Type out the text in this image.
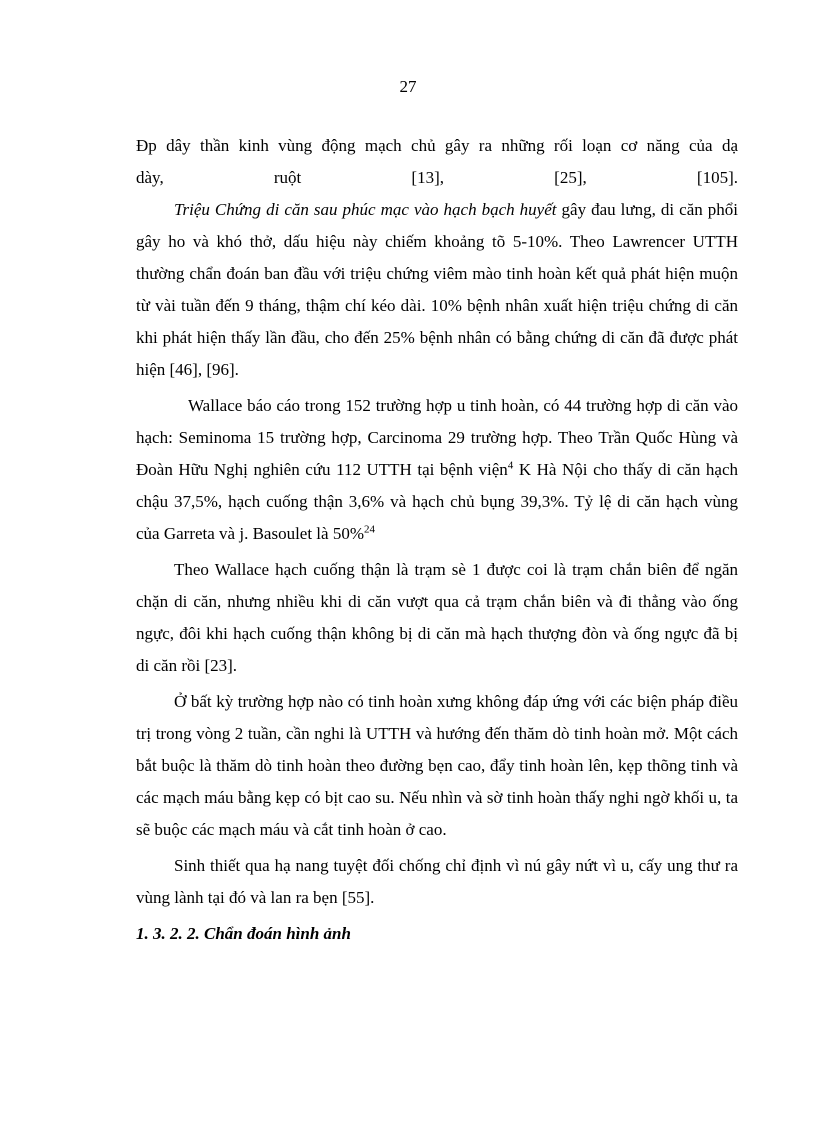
27

Đp dây thần kinh vùng động mạch chủ gây ra những rối loạn cơ năng của dạ

dày, ruột [13], [25], [105].

Triệu Chứng di căn sau phúc mạc vào hạch bạch huyết gây đau lưng, di căn phổi gây ho và khó thở, dấu hiệu này chiếm khoảng tõ 5-10%. Theo Lawrencer UTTH thường chẩn đoán ban đầu với triệu chứng viêm mào tinh hoàn kết quả phát hiện muộn từ vài tuần đến 9 tháng, thậm chí kéo dài. 10% bệnh nhân xuất hiện triệu chứng di căn khi phát hiện thấy lần đầu, cho đến 25% bệnh nhân có bằng chứng di căn đã được phát hiện [46], [96].

Wallace báo cáo trong 152 trường hợp u tinh hoàn, có 44 trường hợp di căn vào hạch: Seminoma 15 trường hợp, Carcinoma 29 trường hợp. Theo Trần Quốc Hùng và Đoàn Hữu Nghị nghiên cứu 112 UTTH tại bệnh viện$^4$ K Hà Nội cho thấy di căn hạch chậu 37,5%, hạch cuống thận 3,6% và hạch chủ bụng 39,3%. Tỷ lệ di căn hạch vùng của Garreta và j. Basoulet là 50%$^{24}$

Theo Wallace hạch cuống thận là trạm sè 1 được coi là trạm chắn biên để ngăn chặn di căn, nhưng nhiều khi di căn vượt qua cả trạm chắn biên và đi thẳng vào ống ngực, đôi khi hạch cuống thận không bị di căn mà hạch thượng đòn và ống ngực đã bị di căn rồi [23].

Ở bất kỳ trường hợp nào có tinh hoàn xưng không đáp ứng với các biện pháp điều trị trong vòng 2 tuần, cần nghi là UTTH và hướng đến thăm dò tinh hoàn mở. Một cách bắt buộc là thăm dò tinh hoàn theo đường bẹn cao, đẩy tinh hoàn lên, kẹp thõng tinh và các mạch máu bằng kẹp có bịt cao su. Nếu nhìn và sờ tinh hoàn thấy nghi ngờ khối u, ta sẽ buộc các mạch máu và cắt tinh hoàn ở cao.

Sinh thiết qua hạ nang tuyệt đối chống chỉ định vì nú gây nứt vì u, cấy ung thư ra vùng lành tại đó và lan ra bẹn [55].

1. 3. 2. 2. Chẩn đoán hình ảnh
